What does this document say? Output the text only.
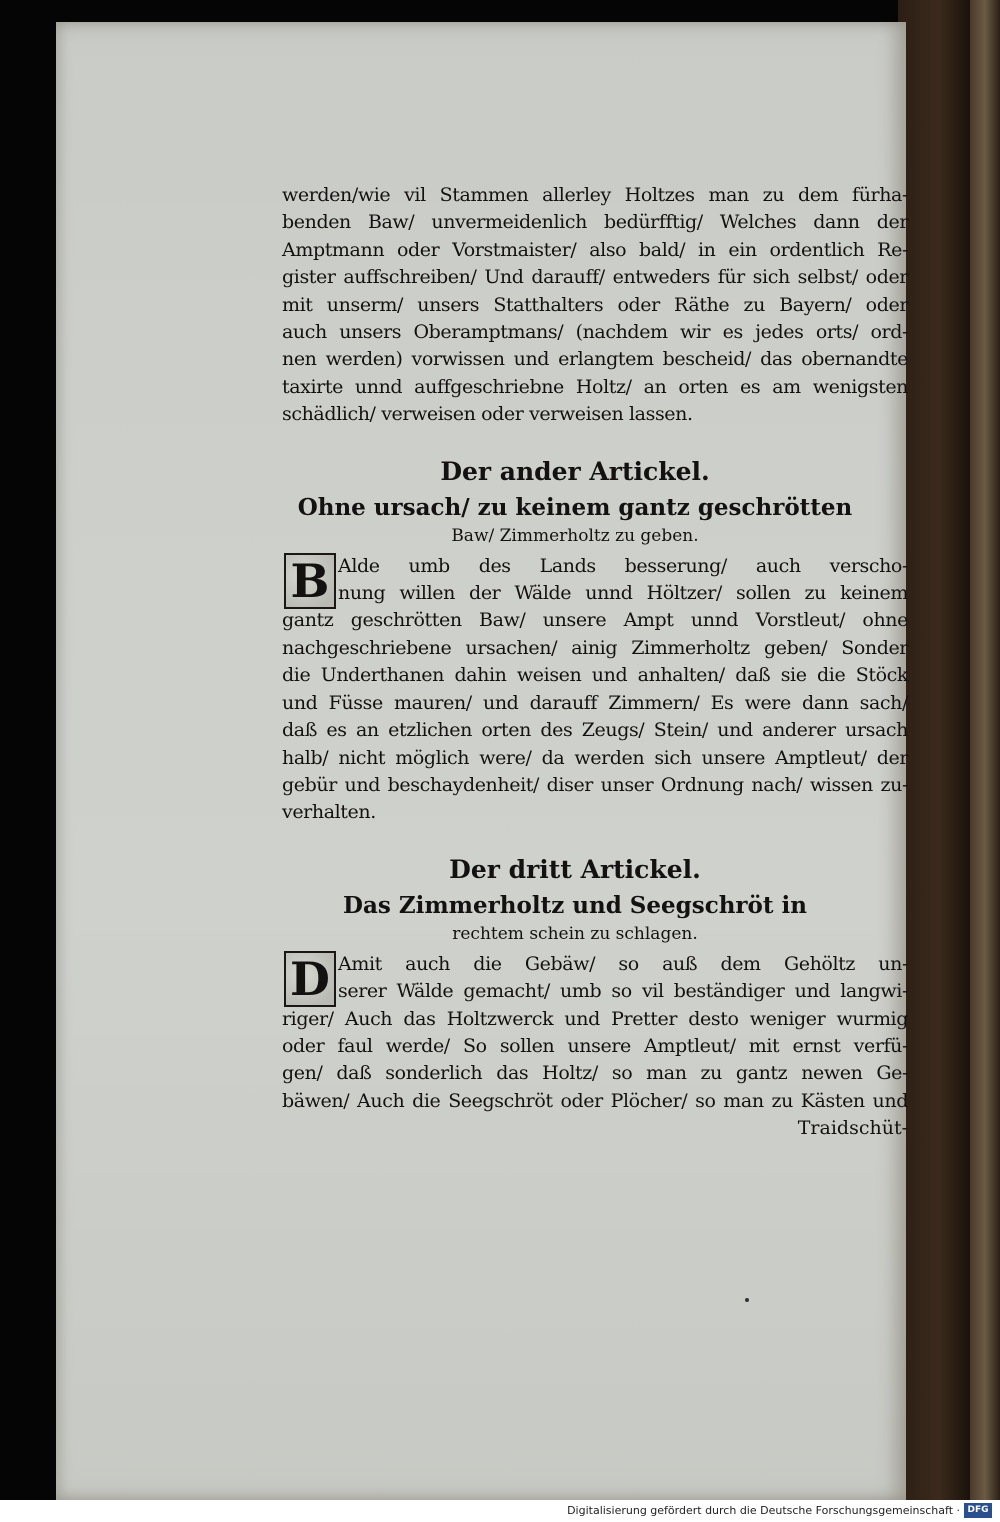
werden/wie vil Stammen allerley Holtzes man zu dem fürha-
benden Baw/ unvermeidenlich bedürfftig/ Welches dann der
Amptmann oder Vorstmaister/ also bald/ in ein ordentlich Re-
gister auffschreiben/ Und darauff/ entweders für sich selbst/ oder
mit unserm/ unsers Statthalters oder Räthe zu Bayern/ oder
auch unsers Oberamptmans/ (nachdem wir es jedes orts/ ord-
nen werden) vorwissen und erlangtem bescheid/ das obernandte
taxirte unnd auffgeschriebne Holtz/ an orten es am wenigsten
schädlich/ verweisen oder verweisen lassen.
Der ander Artickel.
Ohne ursach/ zu keinem gantz geschrötten
Baw/ Zimmerholtz zu geben.
B Alde umb des Lands besserung/ auch verscho-
nung willen der Wälde unnd Höltzer/ sollen zu keinem
gantz geschrötten Baw/ unsere Ampt unnd Vorstleut/ ohne
nachgeschriebene ursachen/ ainig Zimmerholtz geben/ Sonder
die Underthanen dahin weisen und anhalten/ daß sie die Stöck
und Füsse mauren/ und darauff Zimmern/ Es were dann sach/
daß es an etzlichen orten des Zeugs/ Stein/ und anderer ursach
halb/ nicht möglich were/ da werden sich unsere Amptleut/ der
gebür und beschaydenheit/ diser unser Ordnung nach/ wissen zu-
verhalten.
Der dritt Artickel.
Das Zimmerholtz und Seegschröt in
rechtem schein zu schlagen.
D Amit auch die Gebäw/ so auß dem Gehöltz un-
serer Wälde gemacht/ umb so vil beständiger und langwi-
riger/ Auch das Holtzwerck und Pretter desto weniger wurmig
oder faul werde/ So sollen unsere Amptleut/ mit ernst verfü-
gen/ daß sonderlich das Holtz/ so man zu gantz newen Ge-
bäwen/ Auch die Seegschröt oder Plöcher/ so man zu Kästen und
Traidschüt-
Digitalisierung gefördert durch die Deutsche Forschungsgemeinschaft · DFG
